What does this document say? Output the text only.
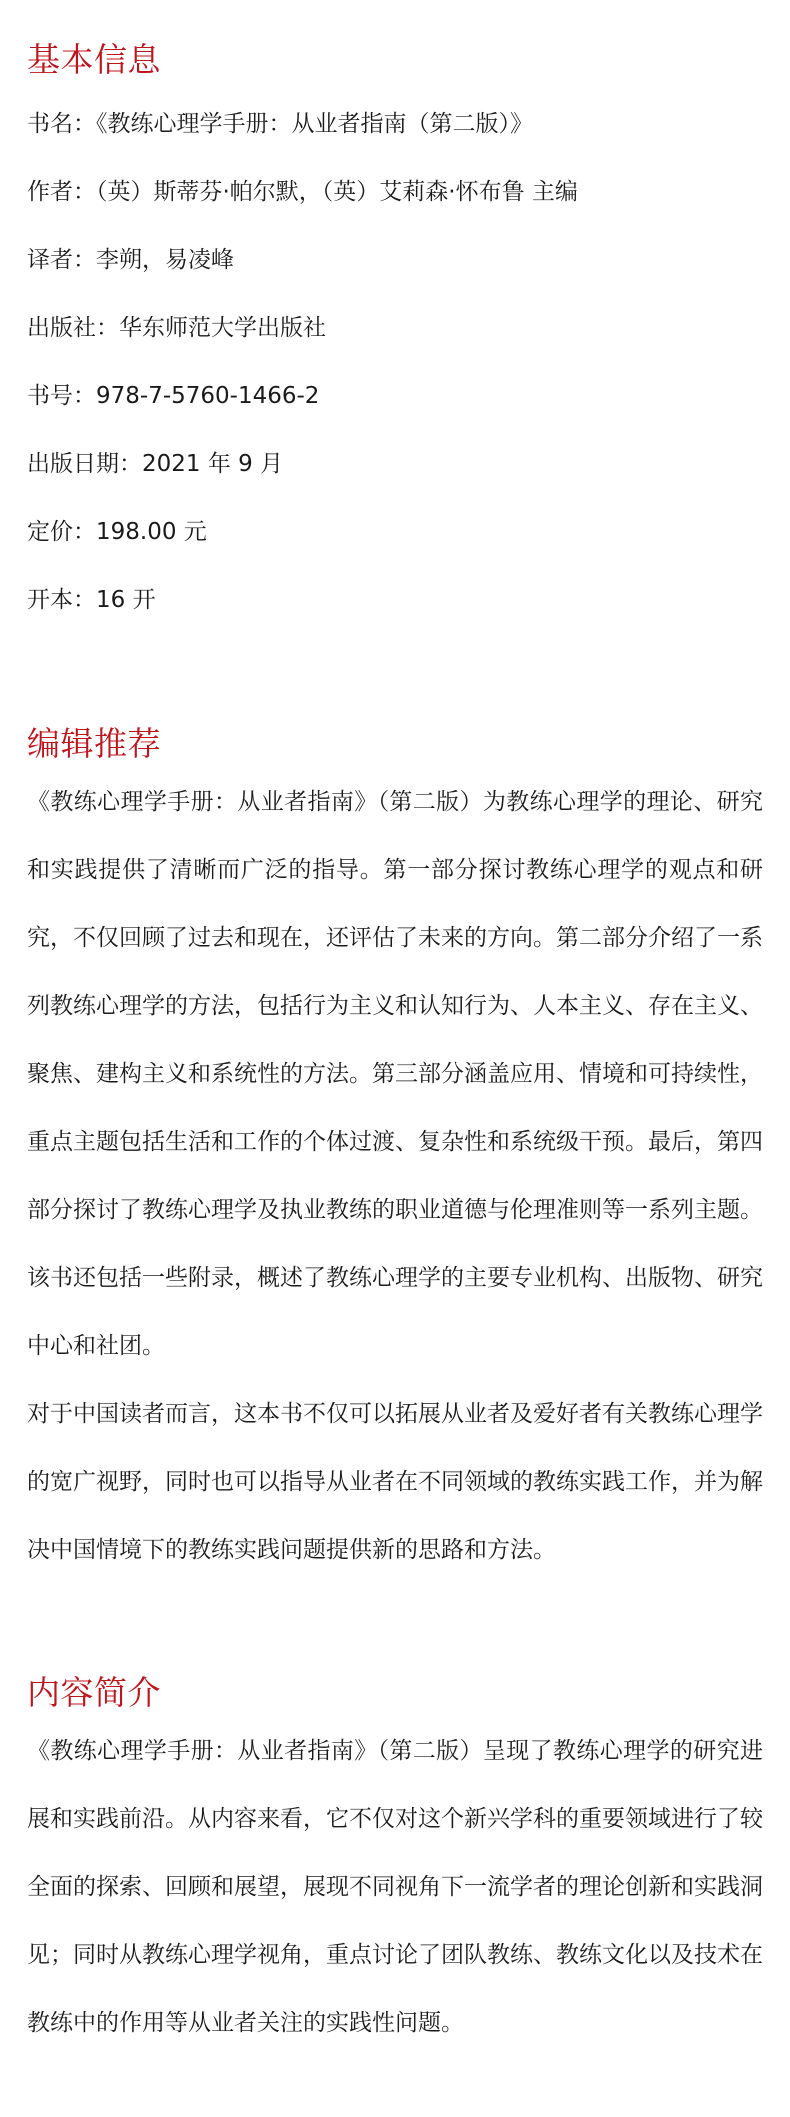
基本信息

书名：《教练心理学手册：从业者指南（第二版）》

作者：（英）斯蒂芬·帕尔默，（英）艾莉森·怀布鲁 主编

译者：李朔，易凌峰

出版社：华东师范大学出版社

书号：978-7-5760-1466-2

出版日期：2021 年 9 月

定价：198.00 元

开本：16 开

编辑推荐

《教练心理学手册：从业者指南》（第二版）为教练心理学的理论、研究和实践提供了清晰而广泛的指导。第一部分探讨教练心理学的观点和研究，不仅回顾了过去和现在，还评估了未来的方向。第二部分介绍了一系列教练心理学的方法，包括行为主义和认知行为、人本主义、存在主义、聚焦、建构主义和系统性的方法。第三部分涵盖应用、情境和可持续性，重点主题包括生活和工作的个体过渡、复杂性和系统级干预。最后，第四部分探讨了教练心理学及执业教练的职业道德与伦理准则等一系列主题。该书还包括一些附录，概述了教练心理学的主要专业机构、出版物、研究中心和社团。

对于中国读者而言，这本书不仅可以拓展从业者及爱好者有关教练心理学的宽广视野，同时也可以指导从业者在不同领域的教练实践工作，并为解决中国情境下的教练实践问题提供新的思路和方法。

内容简介

《教练心理学手册：从业者指南》（第二版）呈现了教练心理学的研究进展和实践前沿。从内容来看，它不仅对这个新兴学科的重要领域进行了较全面的探索、回顾和展望，展现不同视角下一流学者的理论创新和实践洞见；同时从教练心理学视角，重点讨论了团队教练、教练文化以及技术在教练中的作用等从业者关注的实践性问题。
